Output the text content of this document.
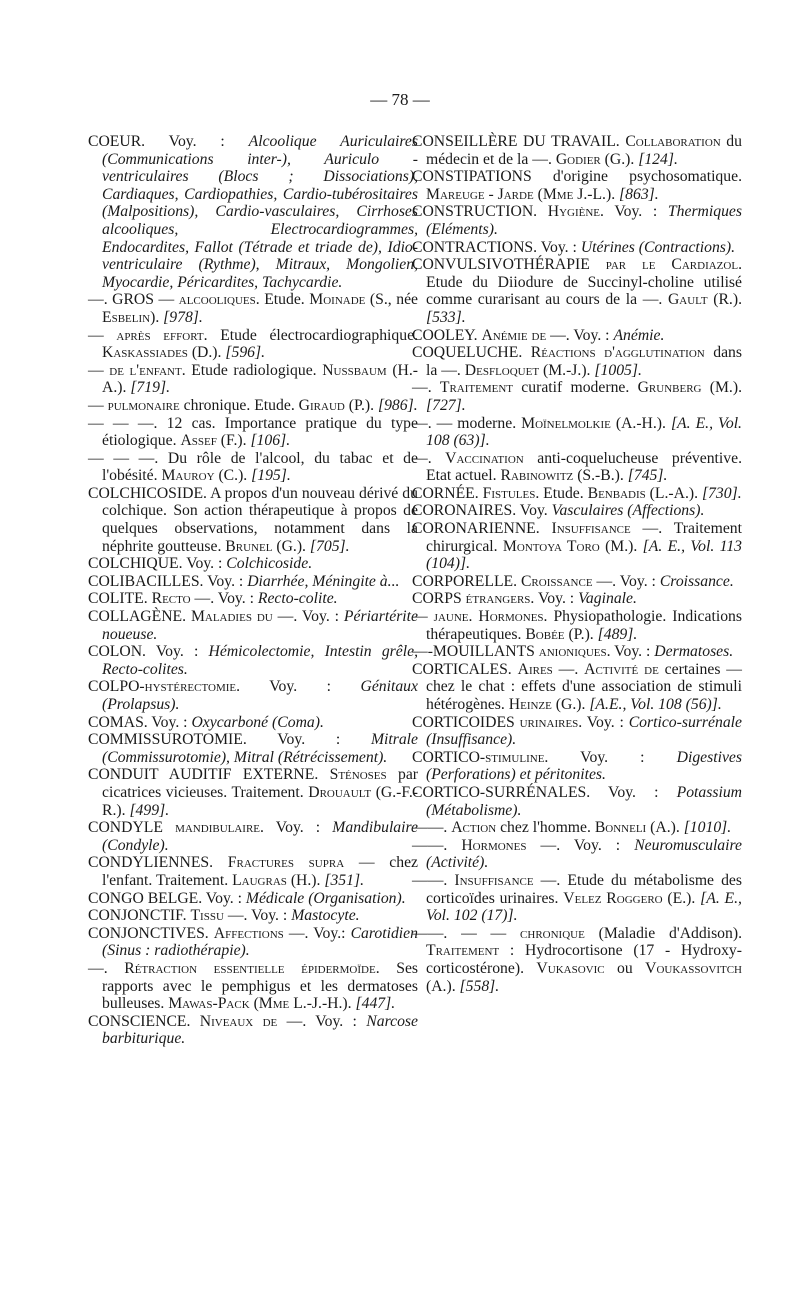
— 78 —
COEUR. Voy. : Alcoolique Auriculaires (Communications inter-), Auriculo - ventriculaires (Blocs ; Dissociations), Cardiaques, Cardiopathies, Cardio-tubérositaires (Malpositions), Cardio-vasculaires, Cirrhoses alcooliques, Electrocardiogrammes, Endocardites, Fallot (Tétrade et triade de), Idio-ventriculaire (Rythme), Mitraux, Mongolien, Myocardie, Péricardites, Tachycardie.
—. GROS — alcooliques. Etude. Moinade (S., née Esbelin). [978].
— après effort. Etude électrocardiographique. Kaskassiades (D.). [596].
— de l'enfant. Etude radiologique. Nussbaum (H.-A.). [719].
— pulmonaire chronique. Etude. Giraud (P.). [986].
— — —. 12 cas. Importance pratique du type étiologique. Assef (F.). [106].
— — —. Du rôle de l'alcool, du tabac et de l'obésité. Mauroy (C.). [195].
COLCHICOSIDE. A propos d'un nouveau dérivé du colchique. Son action thérapeutique à propos de quelques observations, notamment dans la néphrite goutteuse. Brunel (G.). [705].
COLCHIQUE. Voy. : Colchicoside.
COLIBACILLES. Voy. : Diarrhée, Méningite à...
COLITE. Recto —. Voy. : Recto-colite.
COLLAGÈNE. Maladies du —. Voy. : Périartérite noueuse.
COLON. Voy. : Hémicolectomie, Intestin grêle, Recto-colites.
COLPO-hystérectomie. Voy. : Génitaux (Prolapsus).
COMAS. Voy. : Oxycarboné (Coma).
COMMISSUROTOMIE. Voy. : Mitrale (Commissurotomie), Mitral (Rétrécissement).
CONDUIT AUDITIF EXTERNE. Sténoses par cicatrices vicieuses. Traitement. Drouault (G.-F.-R.). [499].
CONDYLE mandibulaire. Voy. : Mandibulaire (Condyle).
CONDYLIENNES. Fractures supra — chez l'enfant. Traitement. Laugras (H.). [351].
CONGO BELGE. Voy. : Médicale (Organisation).
CONJONCTIF. Tissu —. Voy. : Mastocyte.
CONJONCTIVES. Affections —. Voy.: Carotidien (Sinus : radiothérapie).
—. Rétraction essentielle épidermoïde. Ses rapports avec le pemphigus et les dermatoses bulleuses. Mawas-Pack (Mme L.-J.-H.). [447].
CONSCIENCE. Niveaux de —. Voy. : Narcose barbiturique.
CONSEILLÈRE DU TRAVAIL. Collaboration du médecin et de la —. Godier (G.). [124].
CONSTIPATIONS d'origine psychosomatique. Mareuge - Jarde (Mme J.-L.). [863].
CONSTRUCTION. Hygiène. Voy. : Thermiques (Eléments).
CONTRACTIONS. Voy. : Utérines (Contractions).
CONVULSIVOTHÉRAPIE par le Cardiazol. Etude du Diiodure de Succinyl-choline utilisé comme curarisant au cours de la —. Gault (R.). [533].
COOLEY. Anémie de —. Voy. : Anémie.
COQUELUCHE. Réactions d'agglutination dans la —. Desfloquet (M.-J.). [1005].
—. Traitement curatif moderne. Grunberg (M.). [727].
—. — moderne. Moïnelmolkie (A.-H.). [A. E., Vol. 108 (63)].
—. Vaccination anti-coquelucheuse préventive. Etat actuel. Rabinowitz (S.-B.). [745].
CORNÉE. Fistules. Etude. Benbadis (L.-A.). [730].
CORONAIRES. Voy. Vasculaires (Affections).
CORONARIENNE. Insuffisance —. Traitement chirurgical. Montoya Toro (M.). [A. E., Vol. 113 (104)].
CORPORELLE. Croissance —. Voy. : Croissance.
CORPS étrangers. Voy. : Vaginale.
— jaune. Hormones. Physiopathologie. Indications thérapeutiques. Bobée (P.). [489].
—-MOUILLANTS anioniques. Voy. : Dermatoses.
CORTICALES. Aires —. Activité de certaines — chez le chat : effets d'une association de stimuli hétérogènes. Heinze (G.). [A.E., Vol. 108 (56)].
CORTICOIDES urinaires. Voy. : Cortico-surrénale (Insuffisance).
CORTICO-stimuline. Voy. : Digestives (Perforations) et péritonites.
CORTICO-SURRÉNALES. Voy. : Potassium (Métabolisme).
——. Action chez l'homme. Bonneli (A.). [1010].
——. Hormones —. Voy. : Neuromusculaire (Activité).
——. Insuffisance —. Etude du métabolisme des corticoïdes urinaires. Velez Roggero (E.). [A. E., Vol. 102 (17)].
——. — — chronique (Maladie d'Addison). Traitement : Hydrocortisone (17 - Hydroxy-corticostérone). Vukasovic ou Voukassovitch (A.). [558].
